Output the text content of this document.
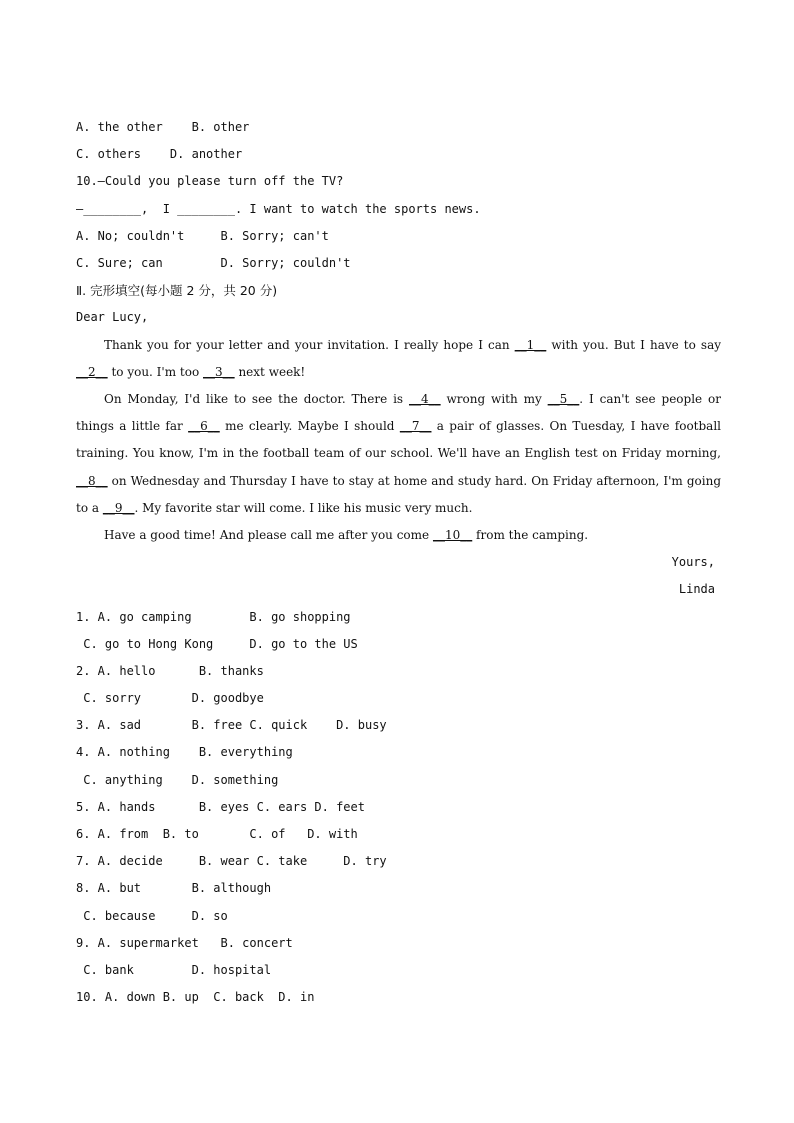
A. the other    B. other
C. others    D. another
10.—Could you please turn off the TV?
—________,  I ________. I want to watch the sports news.
A. No; couldn't     B. Sorry; can't
C. Sure; can        D. Sorry; couldn't
Ⅱ. 完形填空(每小题 2 分，共 20 分)
Dear Lucy,
Thank you for your letter and your invitation. I really hope I can __1__ with you. But I have to say __2__ to you. I'm too __3__ next week!
On Monday, I'd like to see the doctor. There is __4__ wrong with my __5__. I can't see people or things a little far __6__ me clearly. Maybe I should __7__ a pair of glasses. On Tuesday, I have football training. You know, I'm in the football team of our school. We'll have an English test on Friday morning, __8__ on Wednesday and Thursday I have to stay at home and study hard. On Friday afternoon, I'm going to a __9__. My favorite star will come. I like his music very much.
Have a good time! And please call me after you come __10__ from the camping.
Yours,
Linda
1. A. go camping        B. go shopping
C. go to Hong Kong     D. go to the US
2. A. hello      B. thanks
C. sorry       D. goodbye
3. A. sad       B. free C. quick    D. busy
4. A. nothing    B. everything
C. anything    D. something
5. A. hands      B. eyes C. ears D. feet
6. A. from  B. to       C. of   D. with
7. A. decide     B. wear C. take     D. try
8. A. but       B. although
C. because     D. so
9. A. supermarket   B. concert
C. bank        D. hospital
10. A. down B. up  C. back  D. in
